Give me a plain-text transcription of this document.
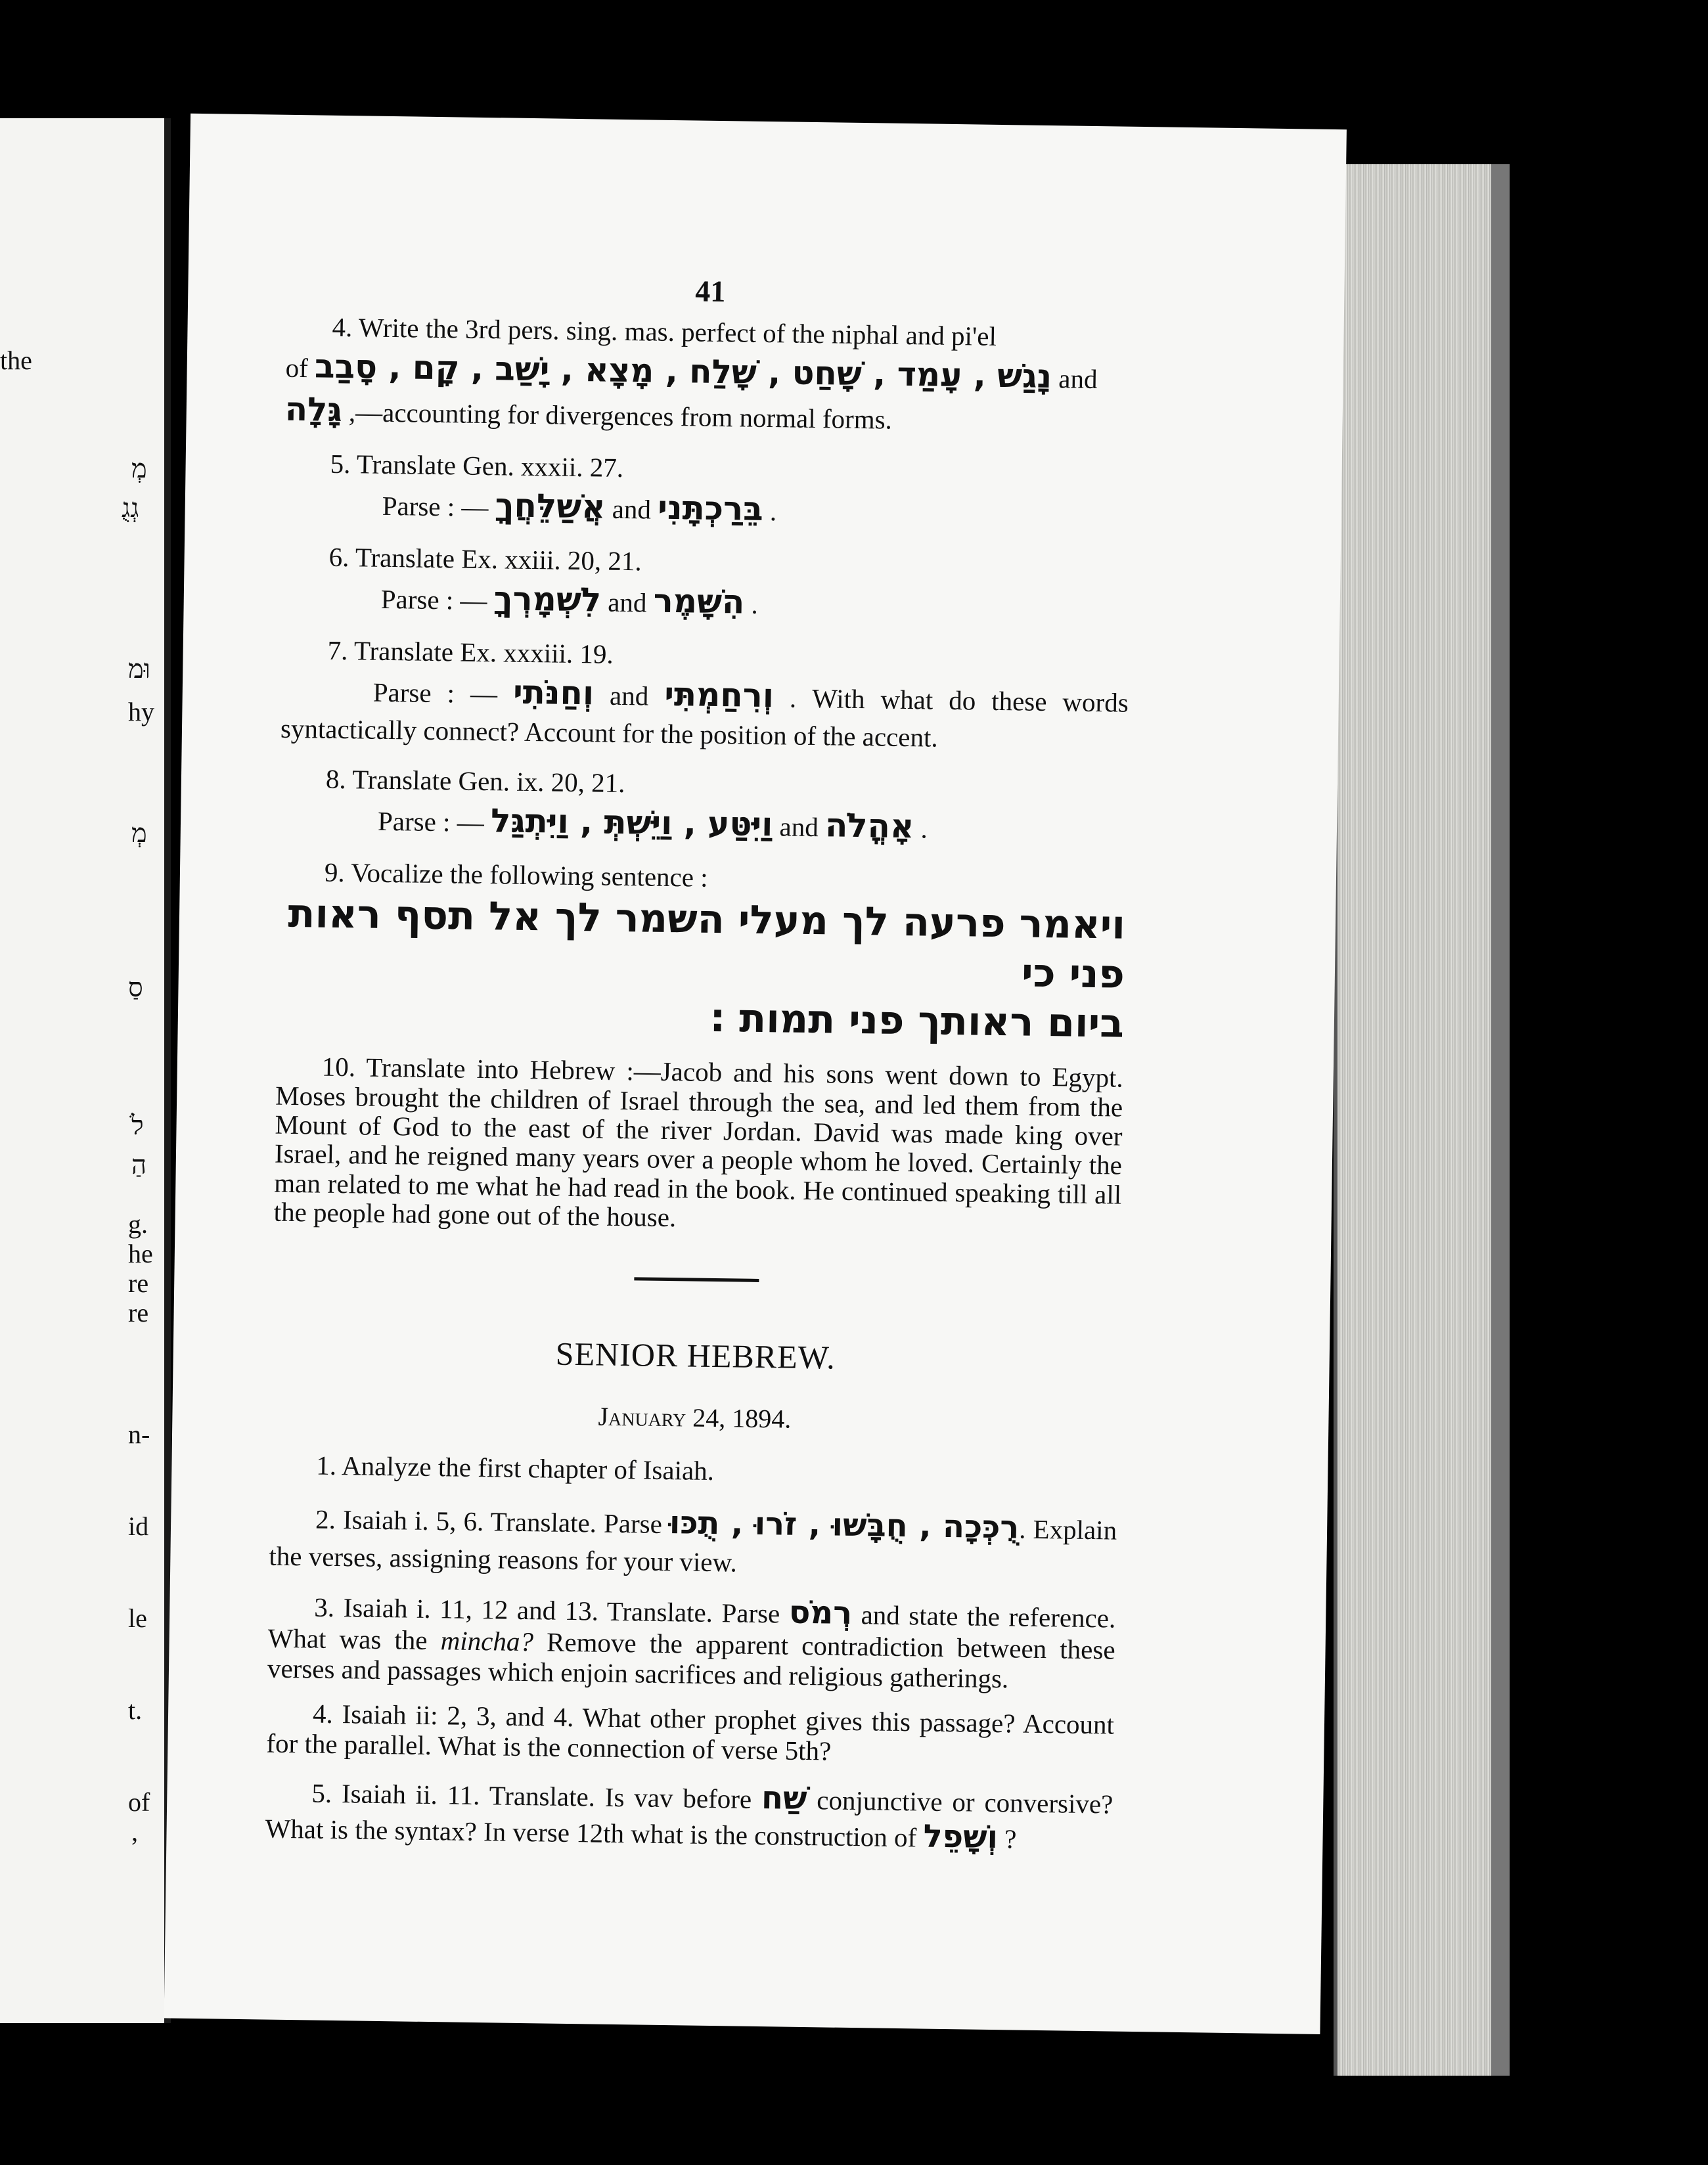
the
מְ
גְגֻ
וּמ
hy
מְ
סַ
לֹ
הַ
g.
he
re
re
n-
id
le
t.
of
,
41
4. Write the 3rd pers. sing. mas. perfect of the niphal and pi'el
of נָגַשׁ , עָמַד , שָׁחַט , שָׁלַח , מָצָא , יָשַׁב , קָם , סָבַב and
גָּלָה ,—accounting for divergences from normal forms.
5. Translate Gen. xxxii. 27.
Parse : — אֲשַׁלֵּחֲךָ and בֵּרַכְתָּנִי .
6. Translate Ex. xxiii. 20, 21.
Parse : — לִשְׁמָרְךָ and הִשָּׁמֶר .
7. Translate Ex. xxxiii. 19.
Parse : — וְחַנֹּתִי and וְרִחַמְתִּי . With what do these words syntactically connect? Account for the position of the accent.
8. Translate Gen. ix. 20, 21.
Parse : — וַיִּטַּע , וַיֵּשְׁתְּ , וַיִּתְגַּל and אָהֳלֹה .
9. Vocalize the following sentence :
ויאמר פרעה לך מעלי השמר לך אל תסף ראות פני כי
ביום ראותך פני תמות :
10. Translate into Hebrew :—Jacob and his sons went down to Egypt. Moses brought the children of Israel through the sea, and led them from the Mount of God to the east of the river Jordan. David was made king over Israel, and he reigned many years over a people whom he loved. Certainly the man related to me what he had read in the book. He continued speaking till all the people had gone out of the house.
SENIOR HEBREW.
January 24, 1894.
1. Analyze the first chapter of Isaiah.
2. Isaiah i. 5, 6. Translate. Parse רֻכְּכָה , חֻבָּשׁוּ , זֹרוּ , תֻכּוּ. Explain the verses, assigning reasons for your view.
3. Isaiah i. 11, 12 and 13. Translate. Parse רְמֹס and state the reference. What was the mincha? Remove the apparent contradiction between these verses and passages which enjoin sacrifices and religious gatherings.
4. Isaiah ii: 2, 3, and 4. What other prophet gives this passage? Account for the parallel. What is the connection of verse 5th?
5. Isaiah ii. 11. Translate. Is vav before שַׁח conjunctive or conversive? What is the syntax? In verse 12th what is the construction of וְשָׁפֵל ?
